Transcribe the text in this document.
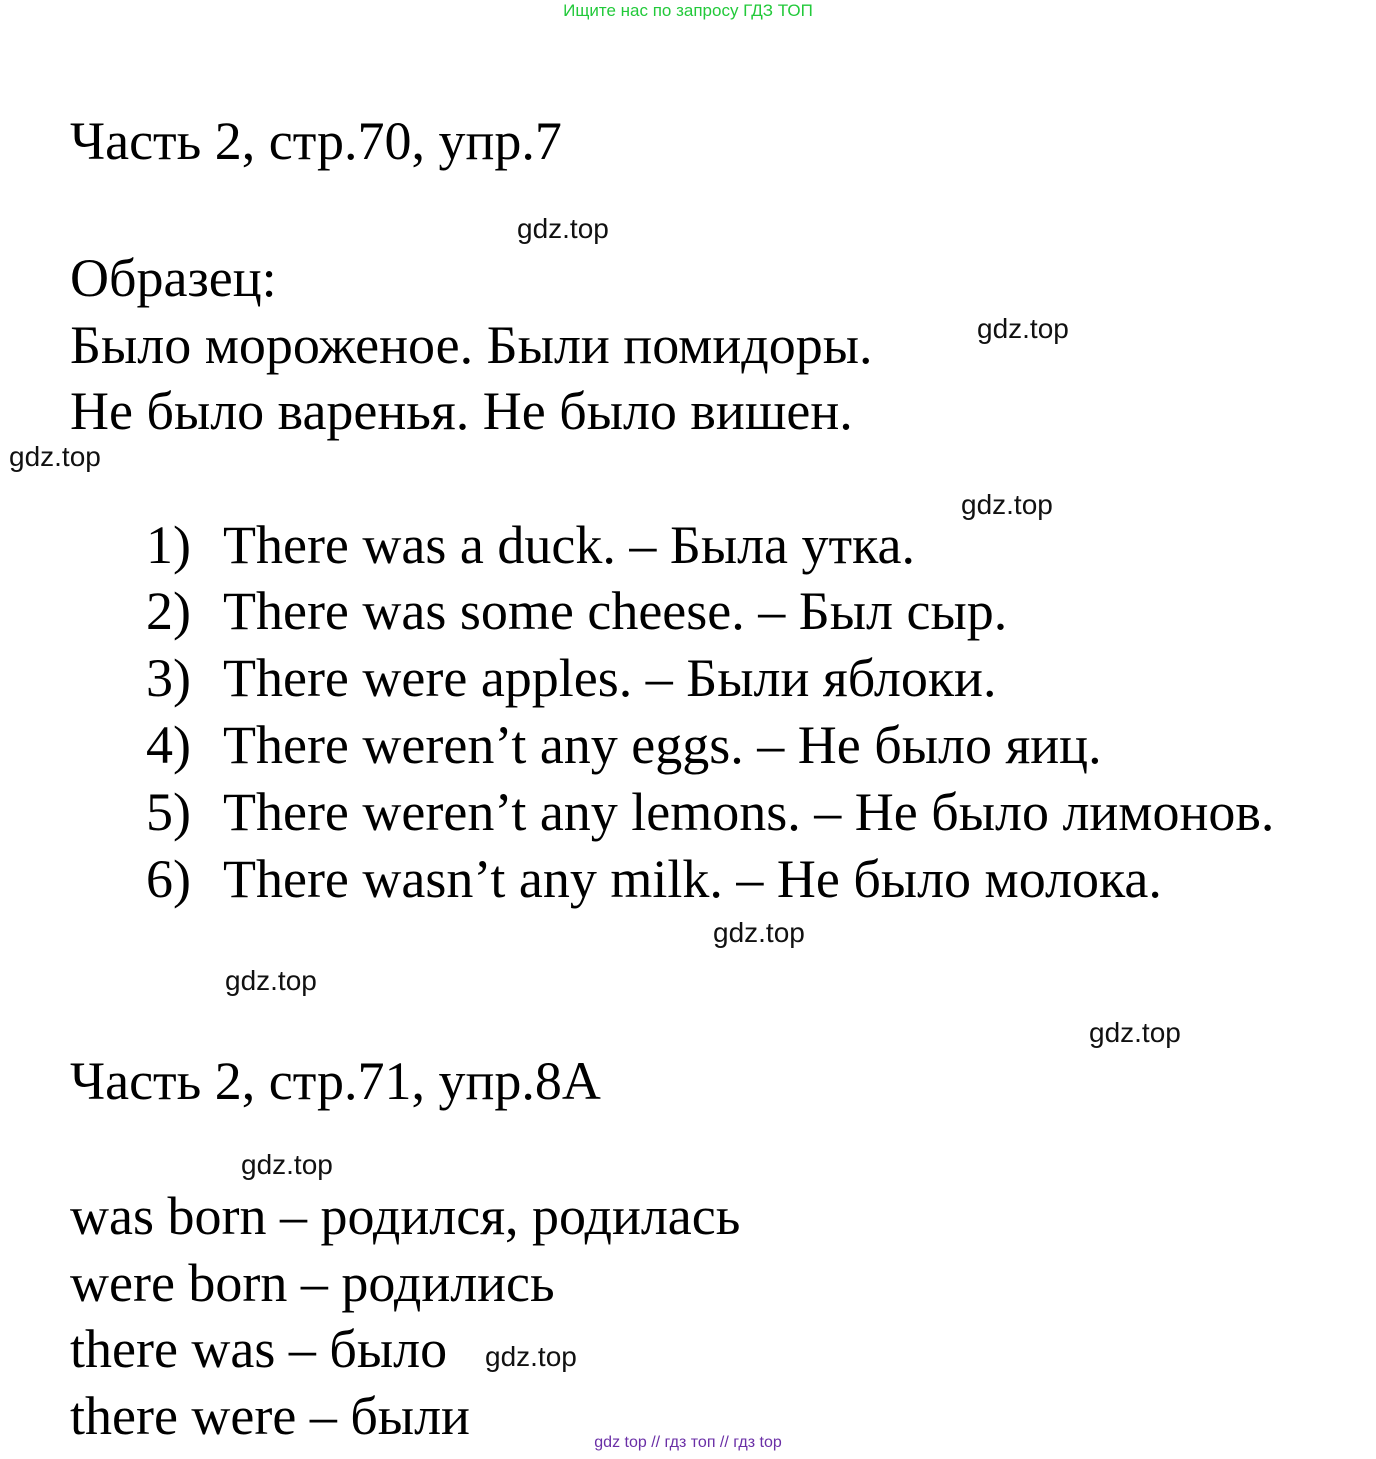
Ищите нас по запросу ГДЗ ТОП
Часть 2, стр.70, упр.7
Образец:
Было мороженое. Были помидоры.
Не было варенья. Не было вишен.
1) There was a duck. – Была утка.
2) There was some cheese. – Был сыр.
3) There were apples. – Были яблоки.
4) There weren’t any eggs. – Не было яиц.
5) There weren’t any lemons. – Не было лимонов.
6) There wasn’t any milk. – Не было молока.
Часть 2, стр.71, упр.8А
was born – родился, родилась
were born – родились
there was – было
there were – были
gdz.top
gdz.top
gdz.top
gdz.top
gdz.top
gdz.top
gdz.top
gdz.top
gdz.top
gdz top // гдз топ // гдз top
